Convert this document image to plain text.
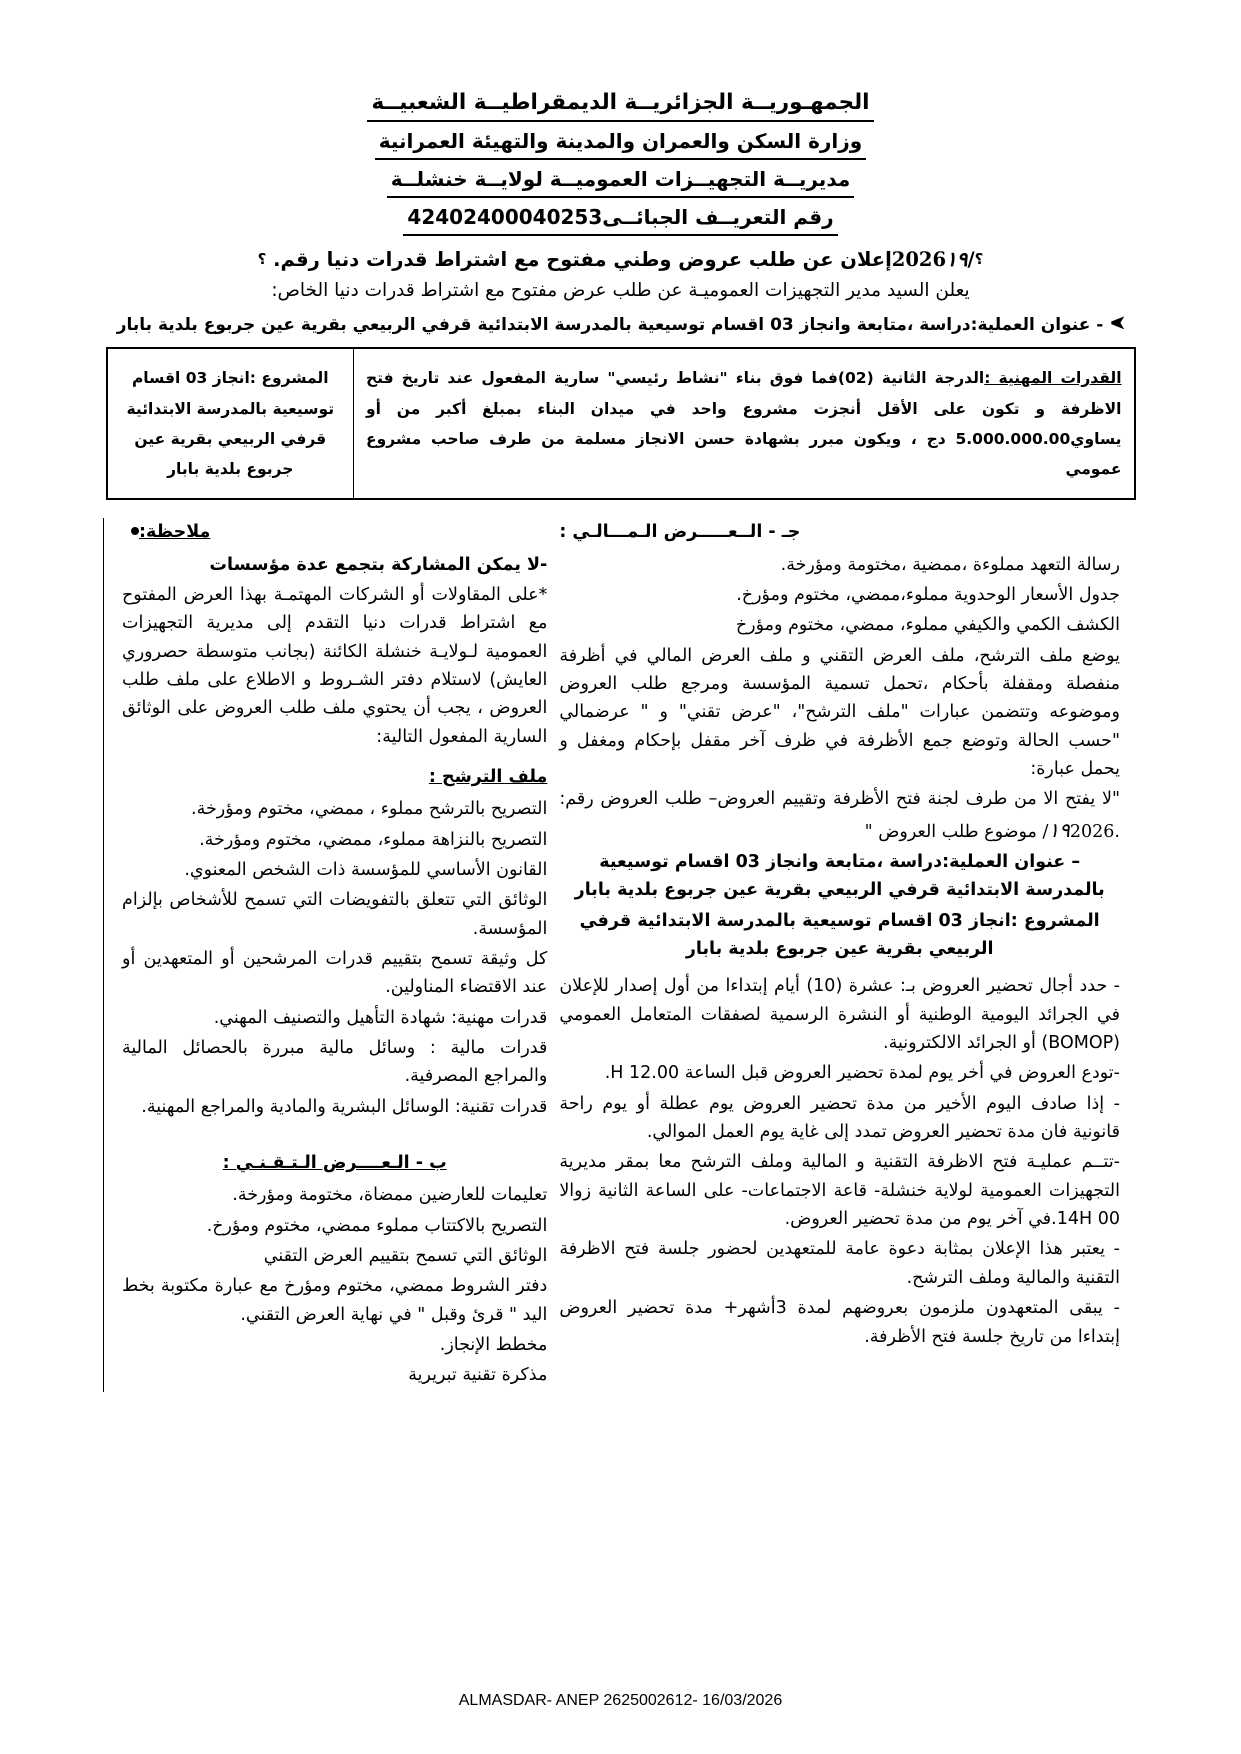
الجمهـوريــة الجزائريــة الديمقراطيــة الشعبيــة
وزارة السكن والعمران والمدينة والتهيئة العمرانية
مديريــة التجهيــزات العموميــة لولايــة خنشلــة
رقم التعريــف الجبائــى42402400040253
؟/2026١٩إعلان عن طلب عروض وطني مفتوح مع اشتراط قدرات دنيا رقم. ؟
يعلن السيد مدير التجهيزات العموميـة عن طلب عرض مفتوح مع اشتراط قدرات دنيا الخاص:
- عنوان العملية:دراسة ،متابعة وانجاز 03 اقسام توسيعية بالمدرسة الابتدائية قرفي الربيعي بقرية عين جربوع بلدية بابار
القدرات المهنية :الدرجة الثانية (02)فما فوق بناء "نشاط رئيسي" سارية المفعول عند تاريخ فتح الاظرفة و تكون على الأقل أنجزت مشروع واحد في ميدان البناء بمبلغ أكبر من أو يساوي5.000.000.00 دج ، ويكون مبرر بشهادة حسن الانجاز مسلمة من طرف صاحب مشروع عمومي	المشروع :انجاز 03 اقسام توسيعية بالمدرسة الابتدائية قرفي الربيعي بقرية عين جربوع بلدية بابار
جـ - الــعـــــرض الـمـــالـي :

رسالة التعهد مملوءة ،ممضية ،مختومة ومؤرخة.

جدول الأسعار الوحدوية مملوء،ممضي، مختوم ومؤرخ.

الكشف الكمي والكيفي مملوء، ممضي، مختوم ومؤرخ

يوضع ملف الترشح، ملف العرض التقني و ملف العرض المالي في أظرفة منفصلة ومقفلة بأحكام ،تحمل تسمية المؤسسة ومرجع طلب العروض وموضوعه وتتضمن عبارات "ملف الترشح"، "عرض تقني" و " عرضمالي "حسب الحالة وتوضع جمع الأظرفة في ظرف آخر مقفل بإحكام ومغفل و يحمل عبارة:

"لا يفتح الا من طرف لجنة فتح الأظرفة وتقييم العروض– طلب العروض رقم: .١٩2026/ موضوع طلب العروض "

– عنوان العملية:دراسة ،متابعة وانجاز 03 اقسام توسيعية بالمدرسة الابتدائية قرفي الربيعي بقرية عين جربوع بلدية بابار

المشروع :انجاز 03 اقسام توسيعية بالمدرسة الابتدائية قرفي الربيعي بقرية عين جربوع بلدية بابار

- حدد أجال تحضير العروض بـ: عشرة (10) أيام إبتداءا من أول إصدار للإعلان في الجرائد اليومية الوطنية أو النشرة الرسمية لصفقات المتعامل العمومي (BOMOP) أو الجرائد الالكترونية.

-تودع العروض في أخر يوم لمدة تحضير العروض قبل الساعة H 12.00.

- إذا صادف اليوم الأخير من مدة تحضير العروض يوم عطلة أو يوم راحة قانونية فان مدة تحضير العروض تمدد إلى غاية يوم العمل الموالي.

-تتــم عمليـة فتح الاظرفة التقنية و المالية وملف الترشح معا بمقر مديرية التجهيزات العمومية لولاية خنشلة- قاعة الاجتماعات- على الساعة الثانية زوالا 14H 00.في آخر يوم من مدة تحضير العروض.

- يعتبر هذا الإعلان بمثابة دعوة عامة للمتعهدين لحضور جلسة فتح الاظرفة التقنية والمالية وملف الترشح.

- يبقى المتعهدون ملزمون بعروضهم لمدة 3أشهر+ مدة تحضير العروض إبتداءا من تاريخ جلسة فتح الأظرفة.

ملاحظة:

-لا يمكن المشاركة بتجمع عدة مؤسسات

*على المقاولات أو الشركات المهتمـة بهذا العرض المفتوح مع اشتراط قدرات دنيا التقدم إلى مديرية التجهيزات العمومية لـولايـة خنشلة الكائنة (بجانب متوسطة حصروري العايش) لاستلام دفتر الشـروط و الاطلاع على ملف طلب العروض ، يجب أن يحتوي ملف طلب العروض على الوثائق السارية المفعول التالية:

ملف الترشح :

التصريح بالترشح مملوء ، ممضي، مختوم ومؤرخة.

التصريح بالنزاهة مملوء، ممضي، مختوم ومؤرخة.

القانون الأساسي للمؤسسة ذات الشخص المعنوي.

الوثائق التي تتعلق بالتفويضات التي تسمح للأشخاص بإلزام المؤسسة.

كل وثيقة تسمح بتقييم قدرات المرشحين أو المتعهدين أو عند الاقتضاء المناولين.

قدرات مهنية: شهادة التأهيل والتصنيف المهني.

قدرات مالية : وسائل مالية مبررة بالحصائل المالية والمراجع المصرفية.

قدرات تقنية: الوسائل البشرية والمادية والمراجع المهنية.

ب - الـعــــرض الـتـقـنـي :

تعليمات للعارضين ممضاة، مختومة ومؤرخة.

التصريح بالاكتتاب مملوء ممضي، مختوم ومؤرخ.

الوثائق التي تسمح بتقييم العرض التقني

دفتر الشروط ممضي، مختوم ومؤرخ مع عبارة مكتوبة بخط اليد " قرئ وقبل " في نهاية العرض التقني.

مخطط الإنجاز.

مذكرة تقنية تبريرية

ALMASDAR- ANEP 2625002612- 16/03/2026
